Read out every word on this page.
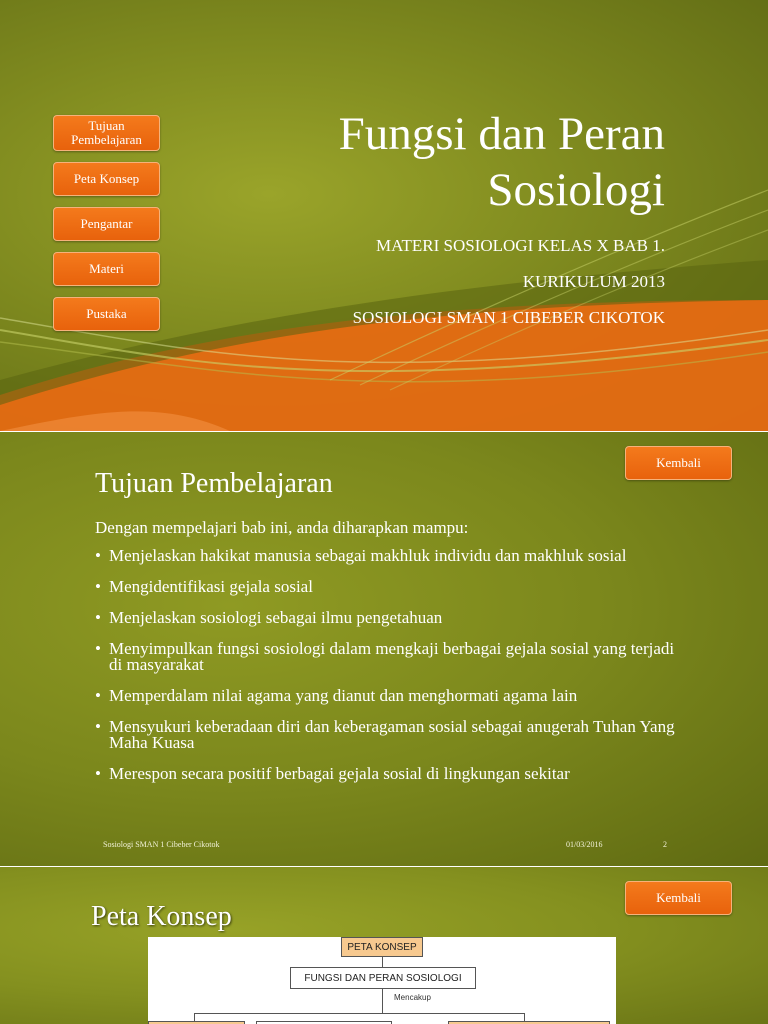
Tujuan Pembelajaran
Peta Konsep
Pengantar
Materi
Pustaka
Fungsi dan Peran Sosiologi
MATERI SOSIOLOGI KELAS X BAB 1.
KURIKULUM 2013
SOSIOLOGI SMAN 1 CIBEBER CIKOTOK
Kembali
Tujuan Pembelajaran
Dengan mempelajari bab ini, anda diharapkan mampu:
• Menjelaskan hakikat manusia sebagai makhluk individu dan makhluk sosial
• Mengidentifikasi gejala sosial
• Menjelaskan sosiologi sebagai ilmu pengetahuan
• Menyimpulkan fungsi sosiologi dalam mengkaji berbagai gejala sosial yang terjadi di masyarakat
• Memperdalam nilai agama yang dianut dan menghormati agama lain
• Mensyukuri keberadaan diri dan keberagaman sosial sebagai anugerah Tuhan Yang Maha Kuasa
• Merespon secara positif berbagai gejala sosial di lingkungan sekitar
Sosiologi SMAN 1 Cibeber Cikotok	01/03/2016	2
Kembali
Peta Konsep
PETA KONSEP
FUNGSI DAN PERAN SOSIOLOGI
Mencakup
